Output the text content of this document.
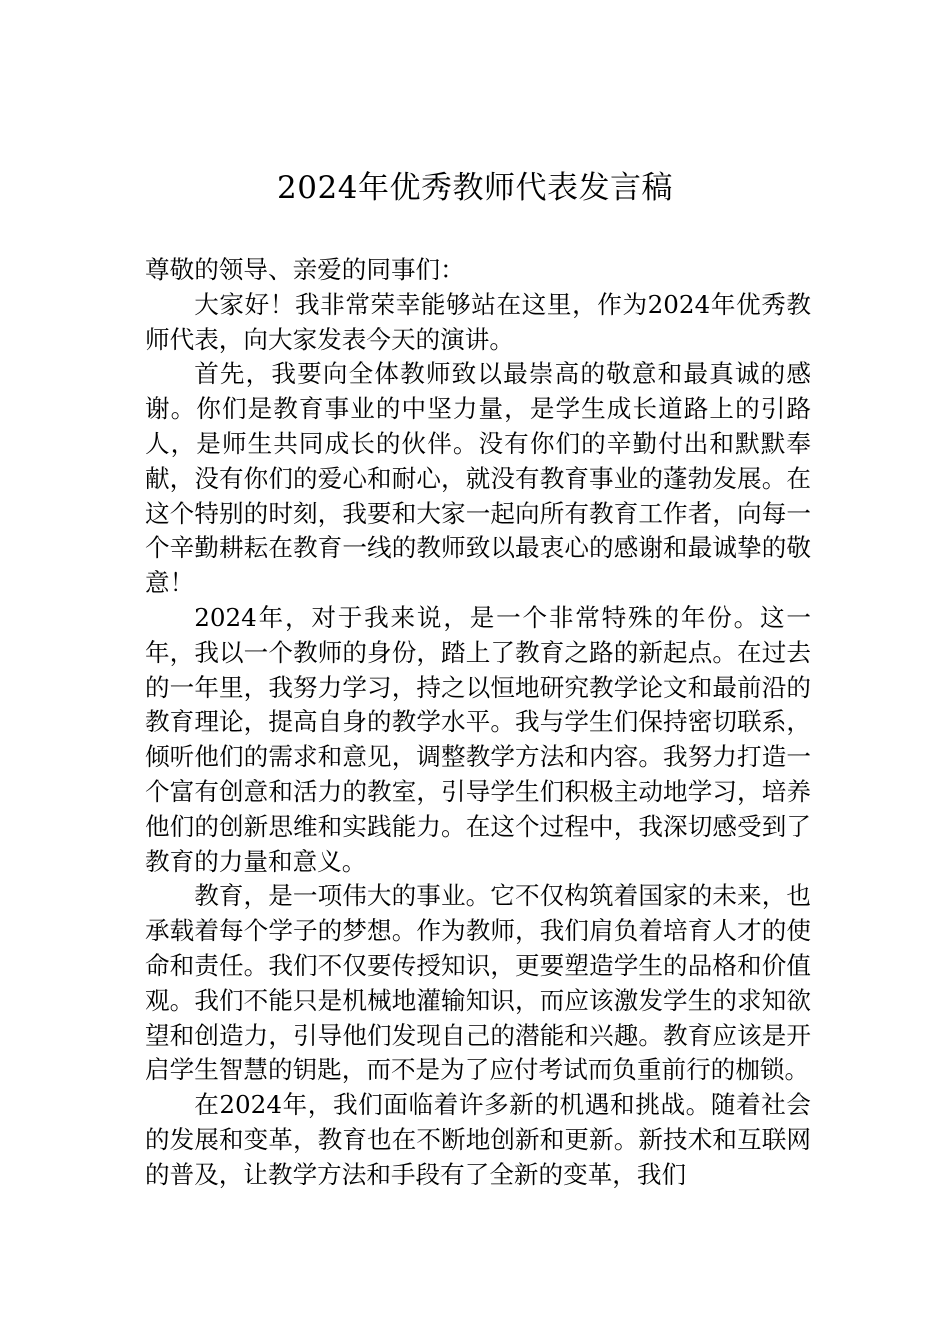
2024年优秀教师代表发言稿

尊敬的领导、亲爱的同事们：

大家好！我非常荣幸能够站在这里，作为2024年优秀教师代表，向大家发表今天的演讲。

首先，我要向全体教师致以最崇高的敬意和最真诚的感谢。你们是教育事业的中坚力量，是学生成长道路上的引路人，是师生共同成长的伙伴。没有你们的辛勤付出和默默奉献，没有你们的爱心和耐心，就没有教育事业的蓬勃发展。在这个特别的时刻，我要和大家一起向所有教育工作者，向每一个辛勤耕耘在教育一线的教师致以最衷心的感谢和最诚挚的敬意！

2024年，对于我来说，是一个非常特殊的年份。这一年，我以一个教师的身份，踏上了教育之路的新起点。在过去的一年里，我努力学习，持之以恒地研究教学论文和最前沿的教育理论，提高自身的教学水平。我与学生们保持密切联系，倾听他们的需求和意见，调整教学方法和内容。我努力打造一个富有创意和活力的教室，引导学生们积极主动地学习，培养他们的创新思维和实践能力。在这个过程中，我深切感受到了教育的力量和意义。

教育，是一项伟大的事业。它不仅构筑着国家的未来，也承载着每个学子的梦想。作为教师，我们肩负着培育人才的使命和责任。我们不仅要传授知识，更要塑造学生的品格和价值观。我们不能只是机械地灌输知识，而应该激发学生的求知欲望和创造力，引导他们发现自己的潜能和兴趣。教育应该是开启学生智慧的钥匙，而不是为了应付考试而负重前行的枷锁。

在2024年，我们面临着许多新的机遇和挑战。随着社会的发展和变革，教育也在不断地创新和更新。新技术和互联网的普及，让教学方法和手段有了全新的变革，我们
